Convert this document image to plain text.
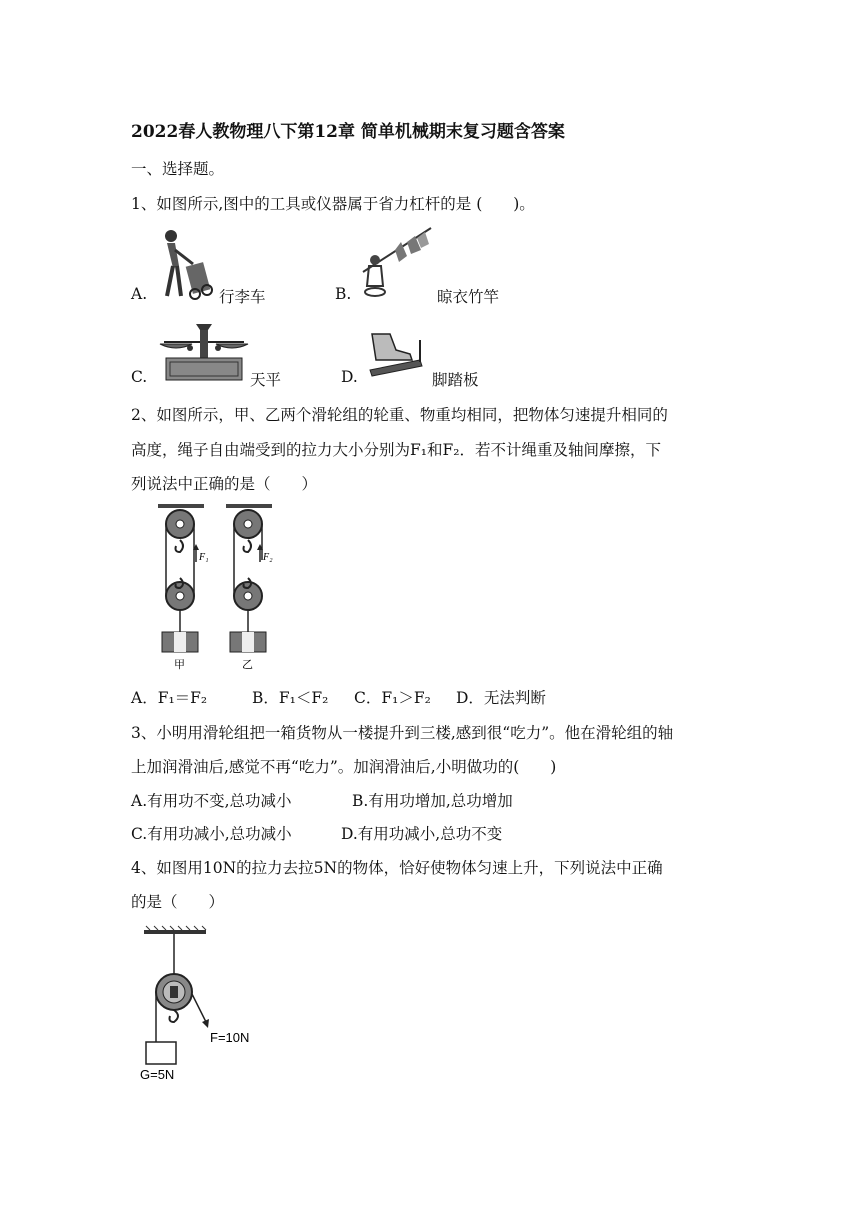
2022春人教物理八下第12章 简单机械期末复习题含答案
一、选择题。
1、如图所示,图中的工具或仪器属于省力杠杆的是 (　　)。
A.	行李车	B.	晾衣竹竿
C.	天平	D.	脚踏板
2、如图所示，甲、乙两个滑轮组的轮重、物重均相同，把物体匀速提升相同的
高度，绳子自由端受到的拉力大小分别为F₁和F₂．若不计绳重及轴间摩擦，下
列说法中正确的是（　　）
F₁	F₂
甲	乙
A．F₁＝F₂	B．F₁＜F₂ C．F₁＞F₂ D．无法判断
3、小明用滑轮组把一箱货物从一楼提升到三楼,感到很“吃力”。他在滑轮组的轴
上加润滑油后,感觉不再“吃力”。加润滑油后,小明做功的(　　)
A.有用功不变,总功减小	B.有用功增加,总功增加
C.有用功减小,总功减小	D.有用功减小,总功不变
4、如图用10N的拉力去拉5N的物体，恰好使物体匀速上升，下列说法中正确
的是（　　）
F=10N
G=5N
